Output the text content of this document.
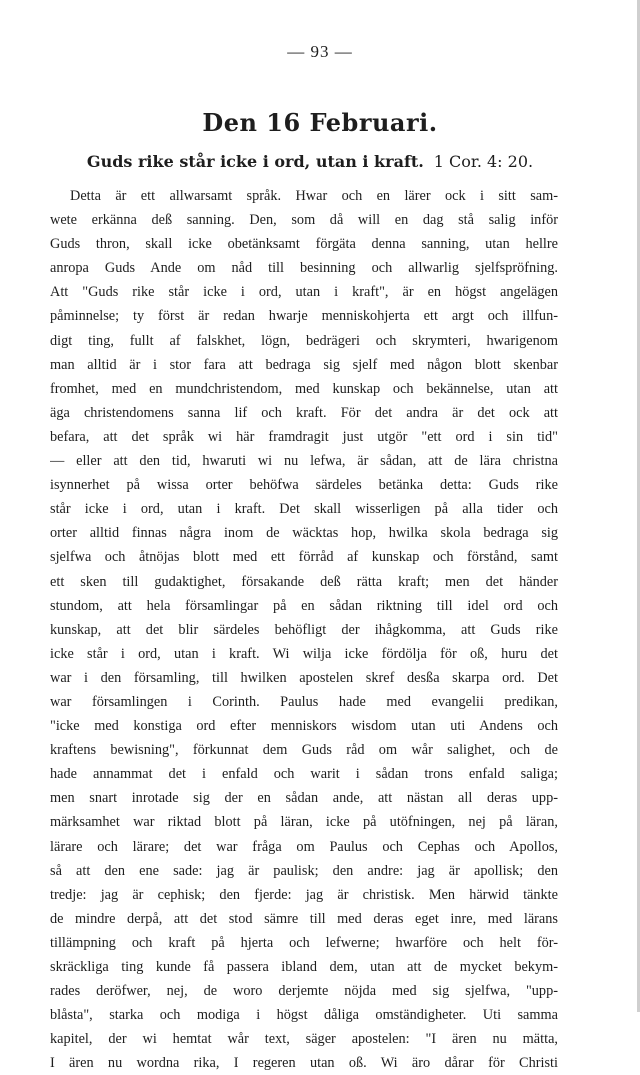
— 93 —
Den 16 Februari.
Guds rike står icke i ord, utan i kraft. 1 Cor. 4: 20.
Detta är ett allwarsamt språk. Hwar och en lärer ock i sitt sam-
wete erkänna deß sanning. Den, som då will en dag stå salig inför
Guds thron, skall icke obetänksamt förgäta denna sanning, utan hellre
anropa Guds Ande om nåd till besinning och allwarlig sjelfspröfning.
Att "Guds rike står icke i ord, utan i kraft", är en högst angelägen
påminnelse; ty först är redan hwarje menniskohjerta ett argt och illfun-
digt ting, fullt af falskhet, lögn, bedrägeri och skrymteri, hwarigenom
man alltid är i stor fara att bedraga sig sjelf med någon blott skenbar
fromhet, med en mundchristendom, med kunskap och bekännelse, utan att
äga christendomens sanna lif och kraft. För det andra är det ock att
befara, att det språk wi här framdragit just utgör "ett ord i sin tid"
— eller att den tid, hwaruti wi nu lefwa, är sådan, att de lära christna
isynnerhet på wissa orter behöfwa särdeles betänka detta: Guds rike
står icke i ord, utan i kraft. Det skall wisserligen på alla tider och
orter alltid finnas några inom de wäcktas hop, hwilka skola bedraga sig
sjelfwa och åtnöjas blott med ett förråd af kunskap och förstånd, samt
ett sken till gudaktighet, försakande deß rätta kraft; men det händer
stundom, att hela församlingar på en sådan riktning till idel ord och
kunskap, att det blir särdeles behöfligt der ihågkomma, att Guds rike
icke står i ord, utan i kraft. Wi wilja icke fördölja för oß, huru det
war i den församling, till hwilken apostelen skref desßa skarpa ord. Det
war församlingen i Corinth. Paulus hade med evangelii predikan,
"icke med konstiga ord efter menniskors wisdom utan uti Andens och
kraftens bewisning", förkunnat dem Guds råd om wår salighet, och de
hade annammat det i enfald och warit i sådan trons enfald saliga;
men snart inrotade sig der en sådan ande, att nästan all deras upp-
märksamhet war riktad blott på läran, icke på utöfningen, nej på läran,
lärare och lärare; det war fråga om Paulus och Cephas och Apollos,
så att den ene sade: jag är paulisk; den andre: jag är apollisk; den
tredje: jag är cephisk; den fjerde: jag är christisk. Men härwid tänkte
de mindre derpå, att det stod sämre till med deras eget inre, med lärans
tillämpning och kraft på hjerta och lefwerne; hwarföre och helt för-
skräckliga ting kunde få passera ibland dem, utan att de mycket bekym-
rades deröfwer, nej, de woro derjemte nöjda med sig sjelfwa, "upp-
blåsta", starka och modiga i högst dåliga omständigheter. Uti samma
kapitel, der wi hemtat wår text, säger apostelen: "I ären nu mätta,
I ären nu wordna rika, I regeren utan oß. Wi äro dårar för Christi
